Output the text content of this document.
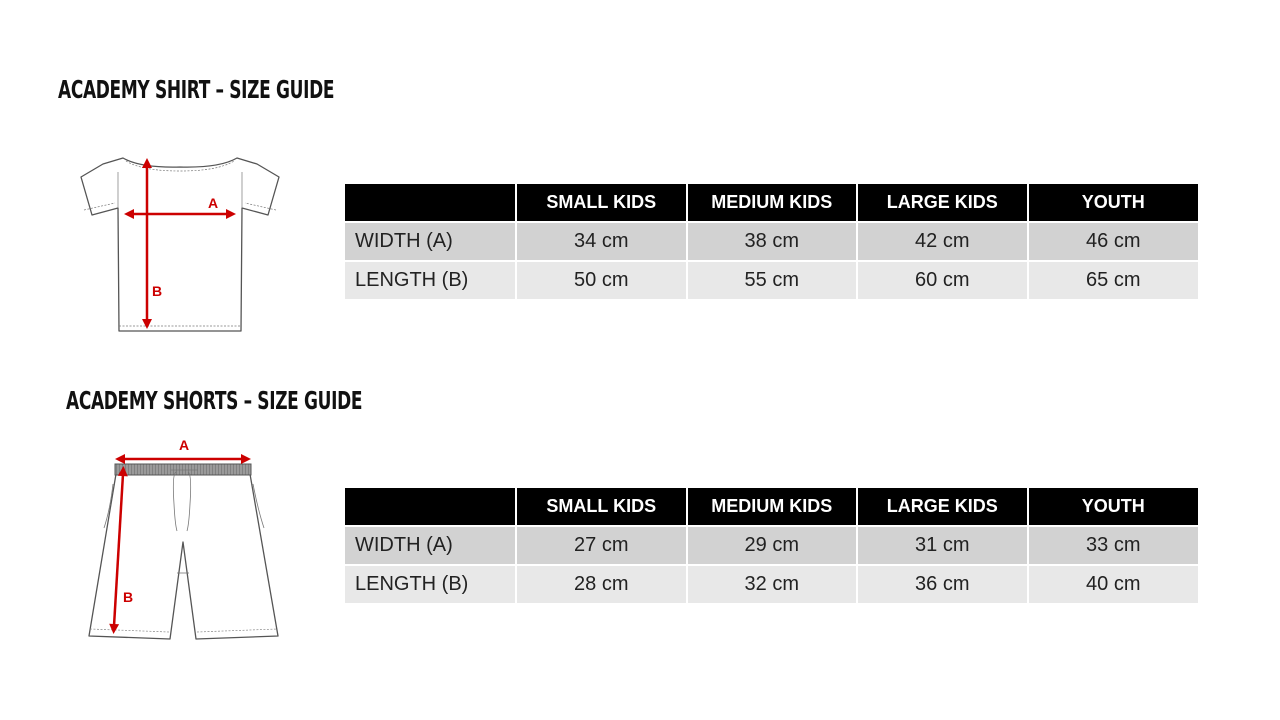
ACADEMY SHIRT – SIZE GUIDE
A
B
	SMALL KIDS	MEDIUM KIDS	LARGE KIDS	YOUTH
WIDTH (A)	34 cm	38 cm	42 cm	46 cm
LENGTH (B)	50 cm	55 cm	60 cm	65 cm
ACADEMY SHORTS – SIZE GUIDE
A
B
	SMALL KIDS	MEDIUM KIDS	LARGE KIDS	YOUTH
WIDTH (A)	27 cm	29 cm	31 cm	33 cm
LENGTH (B)	28 cm	32 cm	36 cm	40 cm
